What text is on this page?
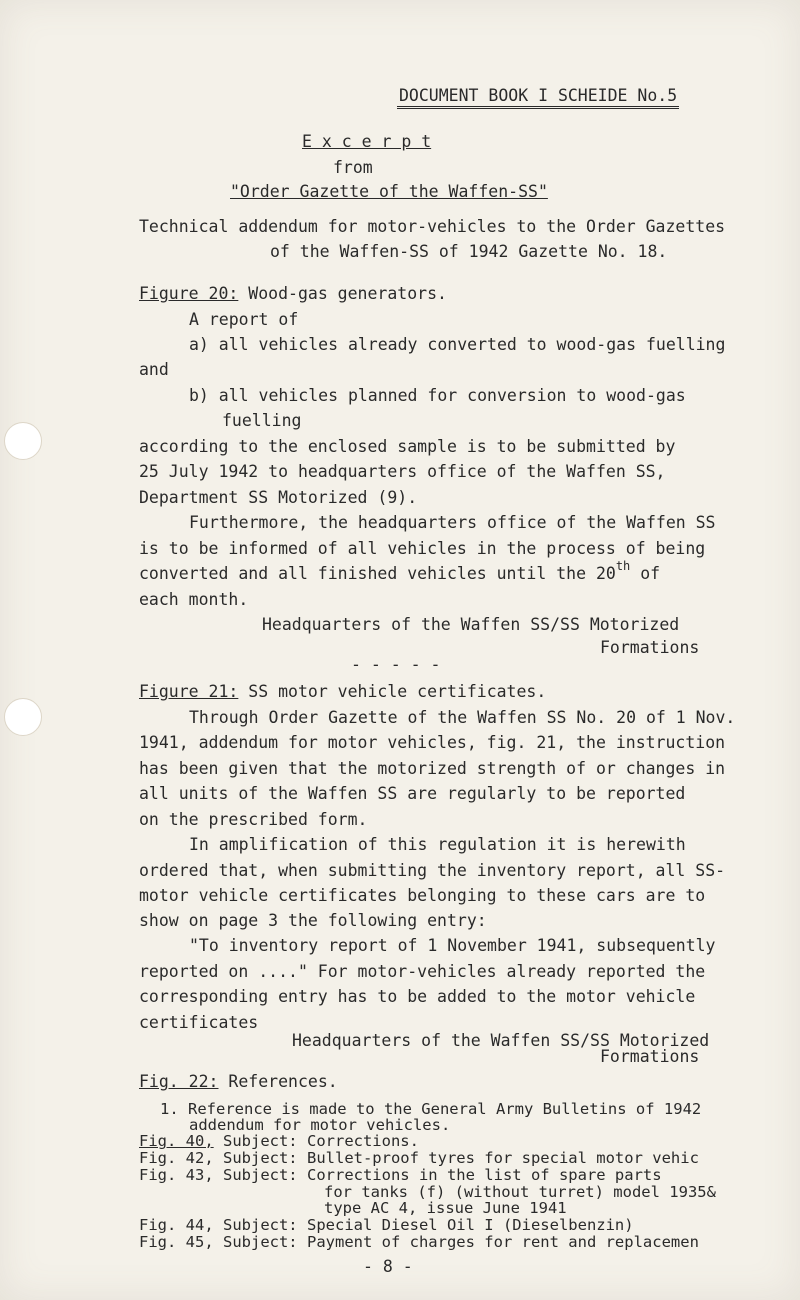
DOCUMENT BOOK I SCHEIDE No.5
E x c e r p t
from
"Order Gazette of the Waffen-SS"
Technical addendum for motor-vehicles to the Order Gazettes
of the Waffen-SS of 1942 Gazette No. 18.
Figure 20: Wood-gas generators.
A report of
a) all vehicles already converted to wood-gas fuelling
and
b) all vehicles planned for conversion to wood-gas
fuelling
according to the enclosed sample is to be submitted by
25 July 1942 to headquarters office of the Waffen SS,
Department SS Motorized (9).
Furthermore, the headquarters office of the Waffen SS
is to be informed of all vehicles in the process of being
converted and all finished vehicles until the 20th of
each month.
Headquarters of the Waffen SS/SS Motorized
Formations
- - - - -
Figure 21: SS motor vehicle certificates.
Through Order Gazette of the Waffen SS No. 20 of 1 Nov.
1941, addendum for motor vehicles, fig. 21, the instruction
has been given that the motorized strength of or changes in
all units of the Waffen SS are regularly to be reported
on the prescribed form.
In amplification of this regulation it is herewith
ordered that, when submitting the inventory report, all SS-
motor vehicle certificates belonging to these cars are to
show on page 3 the following entry:
"To inventory report of 1 November 1941, subsequently
reported on ...." For motor-vehicles already reported the
corresponding entry has to be added to the motor vehicle
certificates
Headquarters of the Waffen SS/SS Motorized
Formations
Fig. 22: References.
1. Reference is made to the General Army Bulletins of 1942
addendum for motor vehicles.
Fig. 40, Subject: Corrections.
Fig. 42, Subject: Bullet-proof tyres for special motor vehic
Fig. 43, Subject: Corrections in the list of spare parts
for tanks (f) (without turret) model 1935&
type AC 4, issue June 1941
Fig. 44, Subject: Special Diesel Oil I (Dieselbenzin)
Fig. 45, Subject: Payment of charges for rent and replacemen
- 8 -
